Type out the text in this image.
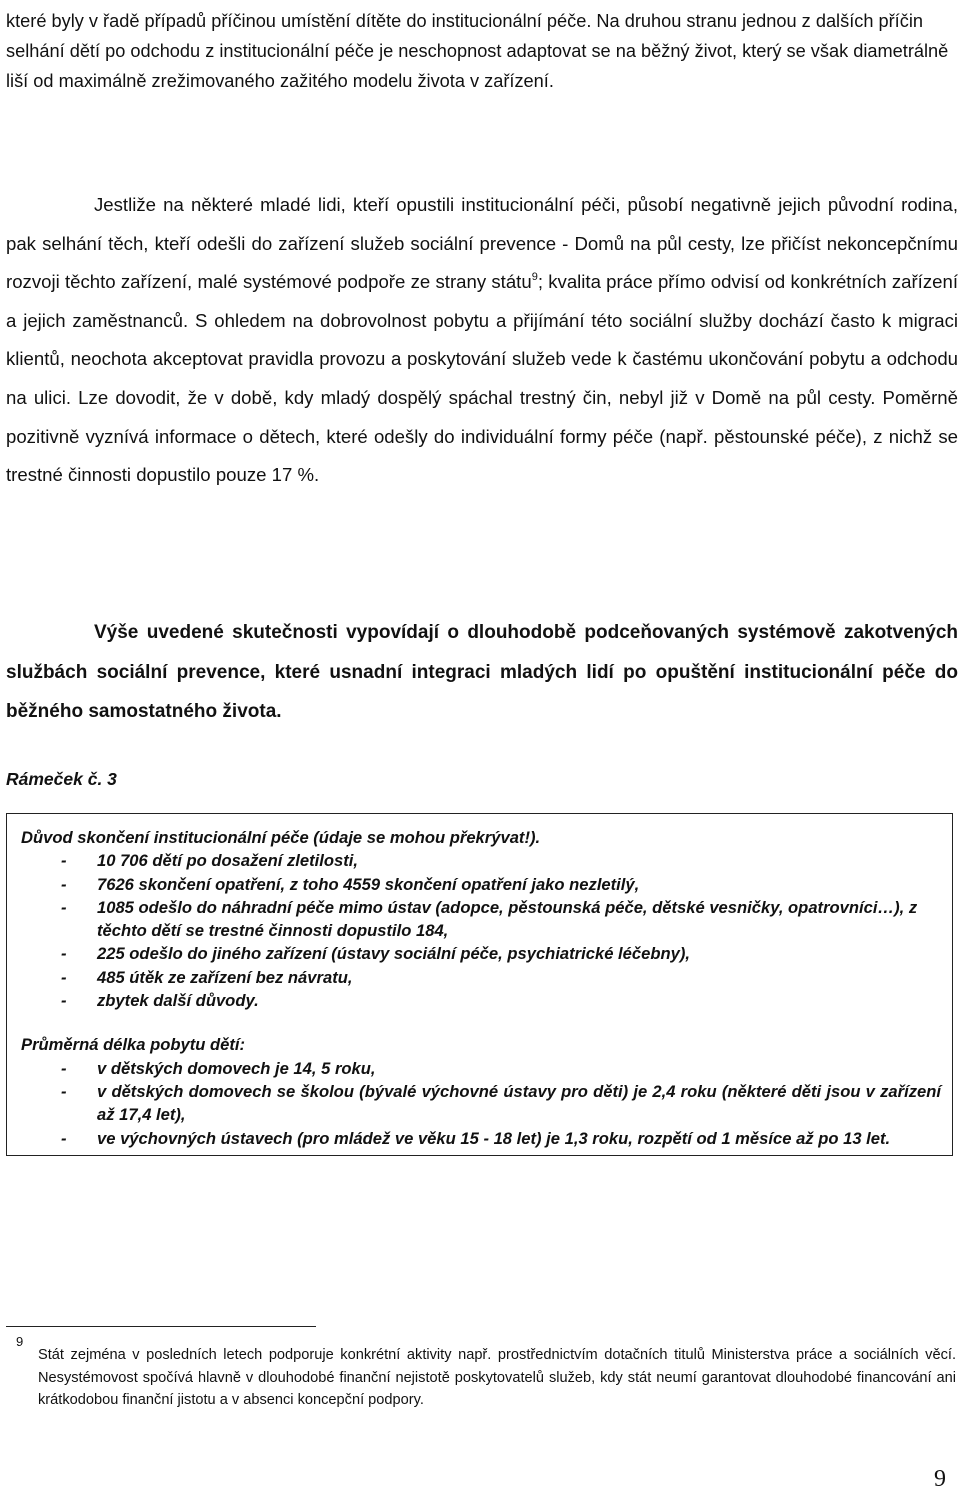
které byly v řadě případů příčinou umístění dítěte do institucionální péče. Na druhou stranu jednou z dalších příčin selhání dětí po odchodu z institucionální péče je neschopnost adaptovat se na běžný život, který se však diametrálně liší od maximálně zrežimovaného zažitého modelu života v zařízení.

Jestliže na některé mladé lidi, kteří opustili institucionální péči, působí negativně jejich původní rodina, pak selhání těch, kteří odešli do zařízení služeb sociální prevence - Domů na půl cesty, lze přičíst nekoncepčnímu rozvoji těchto zařízení, malé systémové podpoře ze strany státu$^9$; kvalita práce přímo odvisí od konkrétních zařízení a jejich zaměstnanců. S ohledem na dobrovolnost pobytu a přijímání této sociální služby dochází často k migraci klientů, neochota akceptovat pravidla provozu a poskytování služeb vede k častému ukončování pobytu a odchodu na ulici. Lze dovodit, že v době, kdy mladý dospělý spáchal trestný čin, nebyl již v Domě na půl cesty. Poměrně pozitivně vyznívá informace o dětech, které odešly do individuální formy péče (např. pěstounské péče), z nichž se trestné činnosti dopustilo pouze 17 %.

Výše uvedené skutečnosti vypovídají o dlouhodobě podceňovaných systémově zakotvených službách sociální prevence, které usnadní integraci mladých lidí po opuštění institucionální péče do běžného samostatného života.

Rámeček č. 3

Důvod skončení institucionální péče (údaje se mohou překrývat!).

- 10 706 dětí po dosažení zletilosti,
- 7626 skončení opatření, z toho 4559 skončení opatření jako nezletilý,
- 1085 odešlo do náhradní péče mimo ústav (adopce, pěstounská péče, dětské vesničky, opatrovníci…), z těchto dětí se trestné činnosti dopustilo 184,
- 225 odešlo do jiného zařízení (ústavy sociální péče, psychiatrické léčebny),
- 485 útěk ze zařízení bez návratu,
- zbytek další důvody.

Průměrná délka pobytu dětí:

- v dětských domovech je 14, 5 roku,
- v dětských domovech se školou (bývalé výchovné ústavy pro děti) je 2,4 roku (některé děti jsou v zařízení až 17,4 let),
- ve výchovných ústavech (pro mládež ve věku 15 - 18 let) je 1,3 roku, rozpětí od 1 měsíce až po 13 let.
9

Stát zejména v posledních letech podporuje konkrétní aktivity např. prostřednictvím dotačních titulů Ministerstva práce a sociálních věcí. Nesystémovost spočívá hlavně v dlouhodobé finanční nejistotě poskytovatelů služeb, kdy stát neumí garantovat dlouhodobé financování ani krátkodobou finanční jistotu a v absenci koncepční podpory.

9
